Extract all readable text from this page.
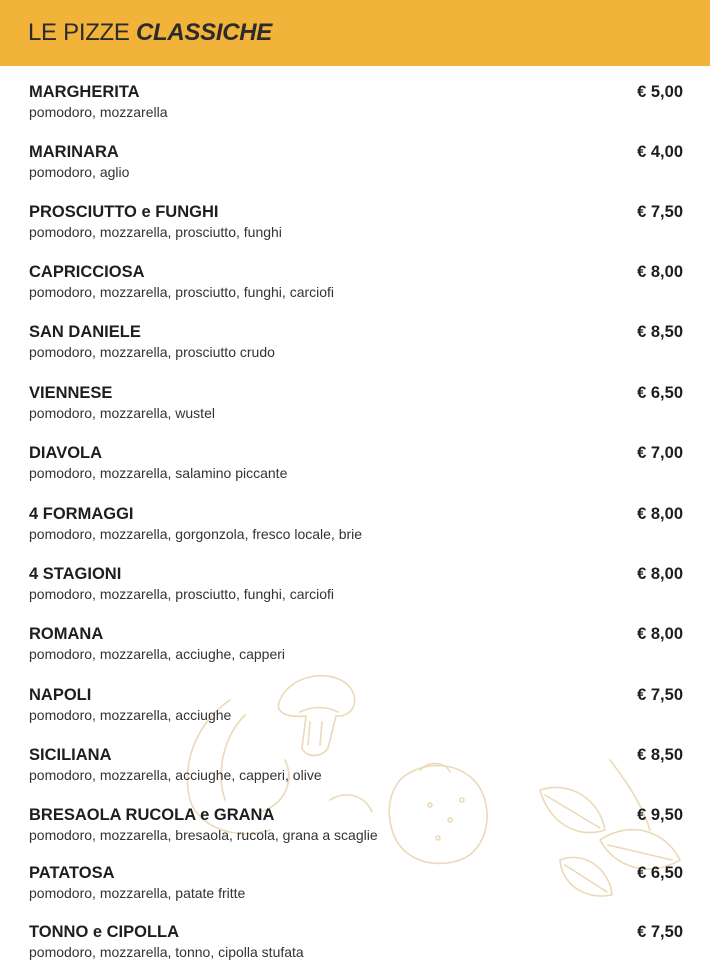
LE PIZZE CLASSICHE
MARGHERITA
pomodoro, mozzarella
€ 5,00
MARINARA
pomodoro, aglio
€ 4,00
PROSCIUTTO e FUNGHI
pomodoro, mozzarella, prosciutto, funghi
€ 7,50
CAPRICCIOSA
pomodoro, mozzarella, prosciutto, funghi, carciofi
€ 8,00
SAN DANIELE
pomodoro, mozzarella, prosciutto crudo
€ 8,50
VIENNESE
pomodoro, mozzarella, wustel
€ 6,50
DIAVOLA
pomodoro, mozzarella, salamino piccante
€ 7,00
4 FORMAGGI
pomodoro, mozzarella, gorgonzola, fresco locale, brie
€ 8,00
4 STAGIONI
pomodoro, mozzarella, prosciutto, funghi, carciofi
€ 8,00
ROMANA
pomodoro, mozzarella, acciughe, capperi
€ 8,00
NAPOLI
pomodoro, mozzarella, acciughe
€ 7,50
SICILIANA
pomodoro, mozzarella, acciughe, capperi, olive
€ 8,50
BRESAOLA RUCOLA e GRANA
pomodoro, mozzarella, bresaola, rucola, grana a scaglie
€ 9,50
PATATOSA
pomodoro, mozzarella, patate fritte
€ 6,50
TONNO e CIPOLLA
pomodoro, mozzarella, tonno, cipolla stufata
€ 7,50
